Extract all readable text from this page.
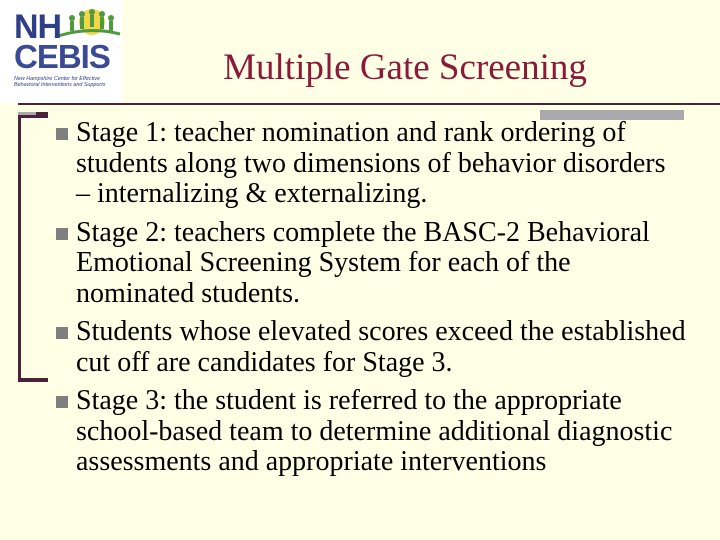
NH
CEBIS
New Hampshire Center for Effective Behavioral Interventions and Supports	Multiple Gate Screening
Stage 1: teacher nomination and rank ordering of students along two dimensions of behavior disorders – internalizing & externalizing.
Stage 2: teachers complete the BASC-2 Behavioral Emotional Screening System for each of the nominated students.
Students whose elevated scores exceed the established cut off are candidates for Stage 3.
Stage 3: the student is referred to the appropriate school-based team to determine additional diagnostic assessments and appropriate interventions
